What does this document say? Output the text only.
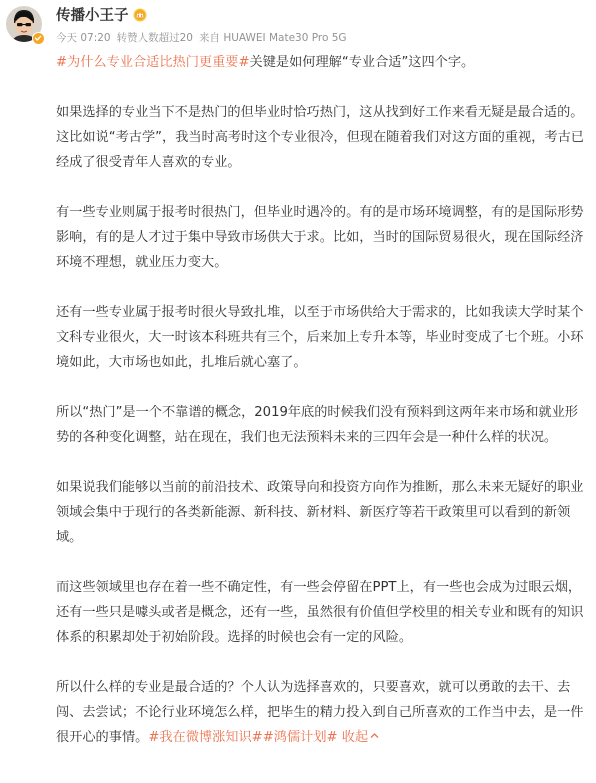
传播小王子
今天 07:20 转赞人数超过20 来自 HUAWEI Mate30 Pro 5G

#为什么专业合适比热门更重要#关键是如何理解“专业合适”这四个字。

如果选择的专业当下不是热门的但毕业时恰巧热门，这从找到好工作来看无疑是最合适的。这比如说“考古学”，我当时高考时这个专业很冷，但现在随着我们对这方面的重视，考古已经成了很受青年人喜欢的专业。

有一些专业则属于报考时很热门，但毕业时遇冷的。有的是市场环境调整，有的是国际形势影响，有的是人才过于集中导致市场供大于求。比如，当时的国际贸易很火，现在国际经济环境不理想，就业压力变大。

还有一些专业属于报考时很火导致扎堆，以至于市场供给大于需求的，比如我读大学时某个文科专业很火，大一时该本科班共有三个，后来加上专升本等，毕业时变成了七个班。小环境如此，大市场也如此，扎堆后就心塞了。

所以“热门”是一个不靠谱的概念，2019年底的时候我们没有预料到这两年来市场和就业形势的各种变化调整，站在现在，我们也无法预料未来的三四年会是一种什么样的状况。

如果说我们能够以当前的前沿技术、政策导向和投资方向作为推断，那么未来无疑好的职业领域会集中于现行的各类新能源、新科技、新材料、新医疗等若干政策里可以看到的新领域。

而这些领域里也存在着一些不确定性，有一些会停留在PPT上，有一些也会成为过眼云烟，还有一些只是噱头或者是概念，还有一些，虽然很有价值但学校里的相关专业和既有的知识体系的积累却处于初始阶段。选择的时候也会有一定的风险。

所以什么样的专业是最合适的？个人认为选择喜欢的，只要喜欢，就可以勇敢的去干、去闯、去尝试；不论行业环境怎么样，把毕生的精力投入到自己所喜欢的工作当中去，是一件很开心的事情。#我在微博涨知识##鸿儒计划# 收起
